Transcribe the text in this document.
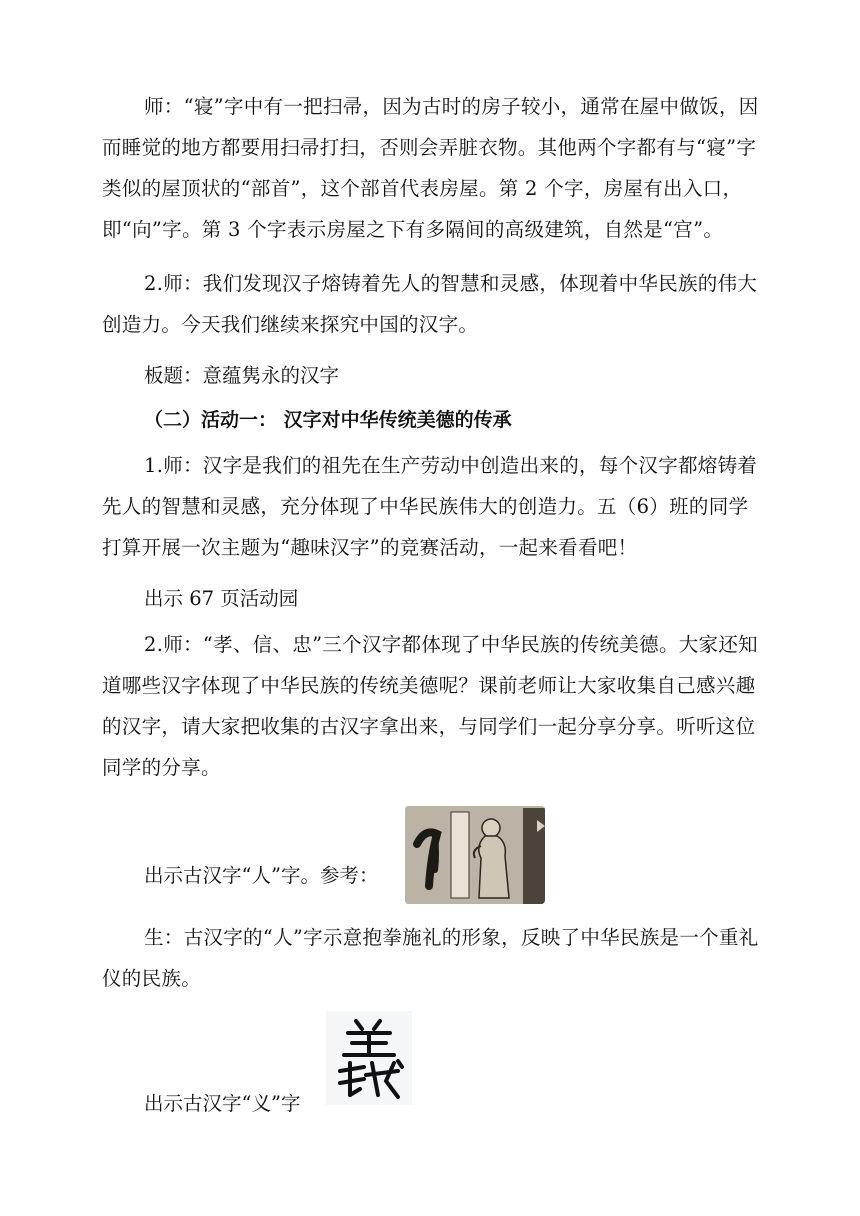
师：“寝”字中有一把扫帚，因为古时的房子较小，通常在屋中做饭，因而睡觉的地方都要用扫帚打扫，否则会弄脏衣物。其他两个字都有与“寝”字类似的屋顶状的“部首”，这个部首代表房屋。第 2 个字，房屋有出入口，即“向”字。第 3 个字表示房屋之下有多隔间的高级建筑，自然是“宫”。

2.师：我们发现汉子熔铸着先人的智慧和灵感，体现着中华民族的伟大创造力。今天我们继续来探究中国的汉字。

板题：意蕴隽永的汉字
（二）活动一： 汉字对中华传统美德的传承

1.师：汉字是我们的祖先在生产劳动中创造出来的，每个汉字都熔铸着先人的智慧和灵感，充分体现了中华民族伟大的创造力。五（6）班的同学打算开展一次主题为“趣味汉字”的竞赛活动，一起来看看吧！

出示 67 页活动园

2.师：“孝、信、忠”三个汉字都体现了中华民族的传统美德。大家还知道哪些汉字体现了中华民族的传统美德呢？课前老师让大家收集自己感兴趣的汉字，请大家把收集的古汉字拿出来，与同学们一起分享分享。听听这位同学的分享。

出示古汉字“人”字。参考：

生：古汉字的“人”字示意抱拳施礼的形象，反映了中华民族是一个重礼仪的民族。

出示古汉字“义”字
